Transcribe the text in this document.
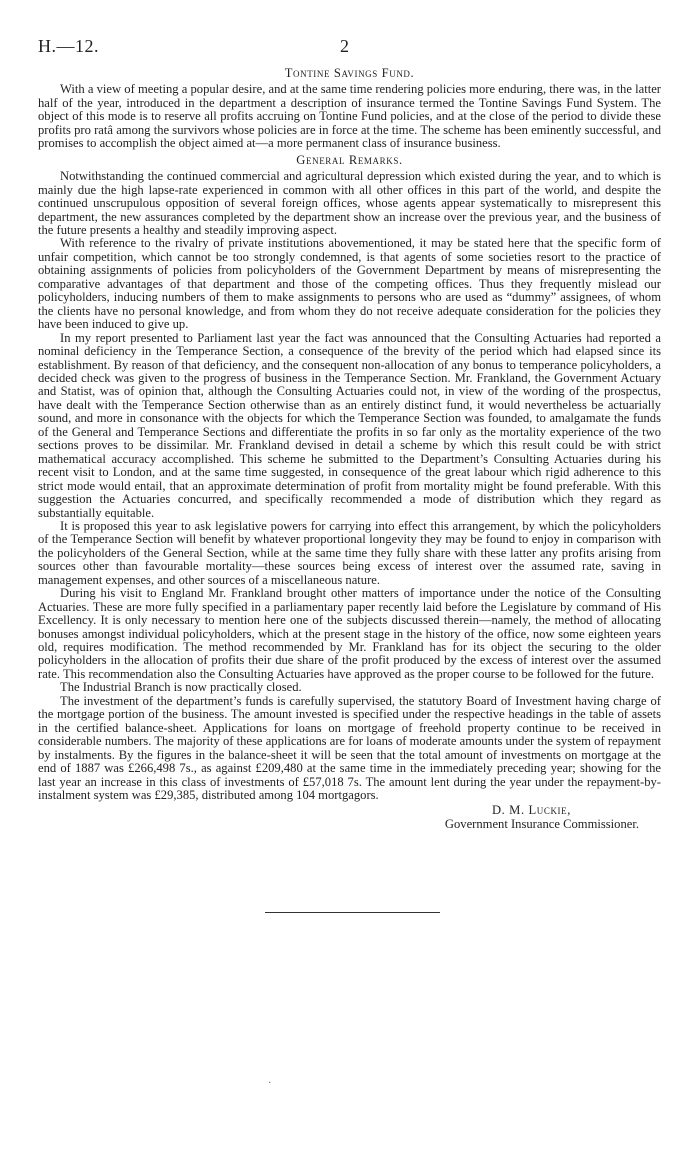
H.—12.	2
Tontine Savings Fund.

With a view of meeting a popular desire, and at the same time rendering policies more enduring, there was, in the latter half of the year, introduced in the department a description of insurance termed the Tontine Savings Fund System. The object of this mode is to reserve all profits accruing on Tontine Fund policies, and at the close of the period to divide these profits pro ratâ among the survivors whose policies are in force at the time. The scheme has been eminently successful, and promises to accomplish the object aimed at—a more permanent class of insurance business.

General Remarks.

Notwithstanding the continued commercial and agricultural depression which existed during the year, and to which is mainly due the high lapse-rate experienced in common with all other offices in this part of the world, and despite the continued unscrupulous opposition of several foreign offices, whose agents appear systematically to misrepresent this department, the new assurances completed by the department show an increase over the previous year, and the business of the future presents a healthy and steadily improving aspect.

With reference to the rivalry of private institutions abovementioned, it may be stated here that the specific form of unfair competition, which cannot be too strongly condemned, is that agents of some societies resort to the practice of obtaining assignments of policies from policyholders of the Government Department by means of misrepresenting the comparative advantages of that department and those of the competing offices. Thus they frequently mislead our policyholders, inducing numbers of them to make assignments to persons who are used as “dummy” assignees, of whom the clients have no personal knowledge, and from whom they do not receive adequate consideration for the policies they have been induced to give up.

In my report presented to Parliament last year the fact was announced that the Consulting Actuaries had reported a nominal deficiency in the Temperance Section, a consequence of the brevity of the period which had elapsed since its establishment. By reason of that deficiency, and the consequent non-allocation of any bonus to temperance policyholders, a decided check was given to the progress of business in the Temperance Section. Mr. Frankland, the Government Actuary and Statist, was of opinion that, although the Consulting Actuaries could not, in view of the wording of the prospectus, have dealt with the Temperance Section otherwise than as an entirely distinct fund, it would nevertheless be actuarially sound, and more in consonance with the objects for which the Temperance Section was founded, to amalgamate the funds of the General and Temperance Sections and differentiate the profits in so far only as the mortality experience of the two sections proves to be dissimilar. Mr. Frankland devised in detail a scheme by which this result could be with strict mathematical accuracy accomplished. This scheme he submitted to the Department’s Consulting Actuaries during his recent visit to London, and at the same time suggested, in consequence of the great labour which rigid adherence to this strict mode would entail, that an approximate determination of profit from mortality might be found preferable. With this suggestion the Actuaries concurred, and specifically recommended a mode of distribution which they regard as substantially equitable.

It is proposed this year to ask legislative powers for carrying into effect this arrangement, by which the policyholders of the Temperance Section will benefit by whatever proportional longevity they may be found to enjoy in comparison with the policyholders of the General Section, while at the same time they fully share with these latter any profits arising from sources other than favourable mortality—these sources being excess of interest over the assumed rate, saving in management expenses, and other sources of a miscellaneous nature.

During his visit to England Mr. Frankland brought other matters of importance under the notice of the Consulting Actuaries. These are more fully specified in a parliamentary paper recently laid before the Legislature by command of His Excellency. It is only necessary to mention here one of the subjects discussed therein—namely, the method of allocating bonuses amongst individual policyholders, which at the present stage in the history of the office, now some eighteen years old, requires modification. The method recommended by Mr. Frankland has for its object the securing to the older policyholders in the allocation of profits their due share of the profit produced by the excess of interest over the assumed rate. This recommendation also the Consulting Actuaries have approved as the proper course to be followed for the future.

The Industrial Branch is now practically closed.

The investment of the department’s funds is carefully supervised, the statutory Board of Investment having charge of the mortgage portion of the business. The amount invested is specified under the respective headings in the table of assets in the certified balance-sheet. Applications for loans on mortgage of freehold property continue to be received in considerable numbers. The majority of these applications are for loans of moderate amounts under the system of repayment by instalments. By the figures in the balance-sheet it will be seen that the total amount of investments on mortgage at the end of 1887 was £266,498 7s., as against £209,480 at the same time in the immediately preceding year; showing for the last year an increase in this class of investments of £57,018 7s. The amount lent during the year under the repayment-by-instalment system was £29,385, distributed among 104 mortgagors.

D. M. Luckie,
Government Insurance Commissioner.
·
